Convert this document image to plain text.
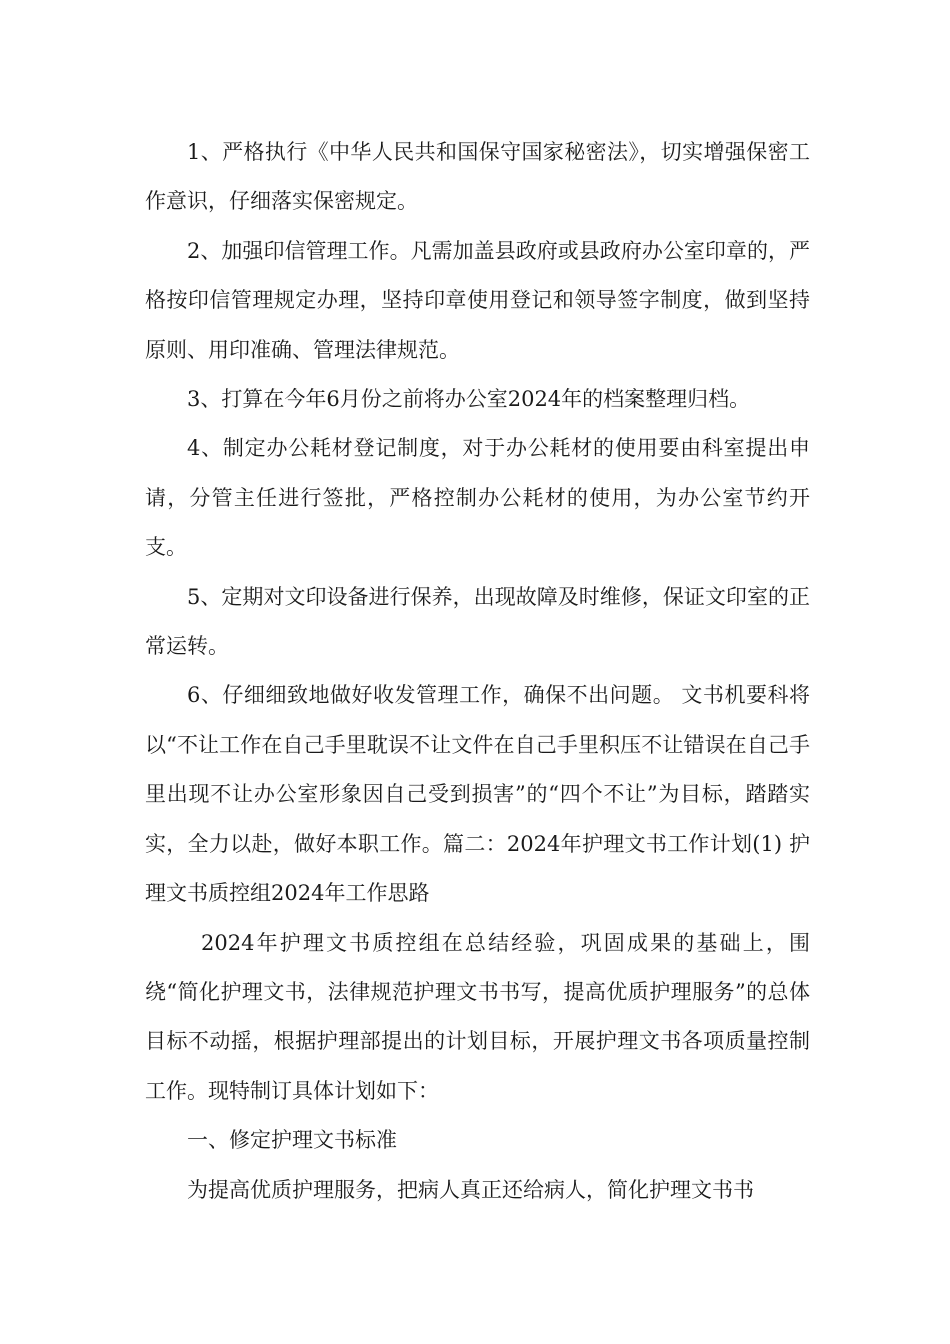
1、严格执行《中华人民共和国保守国家秘密法》，切实增强保密工作意识，仔细落实保密规定。

2、加强印信管理工作。凡需加盖县政府或县政府办公室印章的，严格按印信管理规定办理，坚持印章使用登记和领导签字制度，做到坚持原则、用印准确、管理法律规范。

3、打算在今年6月份之前将办公室2024年的档案整理归档。

4、制定办公耗材登记制度，对于办公耗材的使用要由科室提出申请，分管主任进行签批，严格控制办公耗材的使用，为办公室节约开支。

5、定期对文印设备进行保养，出现故障及时维修，保证文印室的正常运转。

6、仔细细致地做好收发管理工作，确保不出问题。 文书机要科将以“不让工作在自己手里耽误不让文件在自己手里积压不让错误在自己手里出现不让办公室形象因自己受到损害”的“四个不让”为目标，踏踏实实，全力以赴，做好本职工作。篇二：2024年护理文书工作计划(1) 护理文书质控组2024年工作思路

2024年护理文书质控组在总结经验，巩固成果的基础上，围绕“简化护理文书，法律规范护理文书书写，提高优质护理服务”的总体目标不动摇，根据护理部提出的计划目标，开展护理文书各项质量控制工作。现特制订具体计划如下：

一、修定护理文书标准

为提高优质护理服务，把病人真正还给病人，简化护理文书书
